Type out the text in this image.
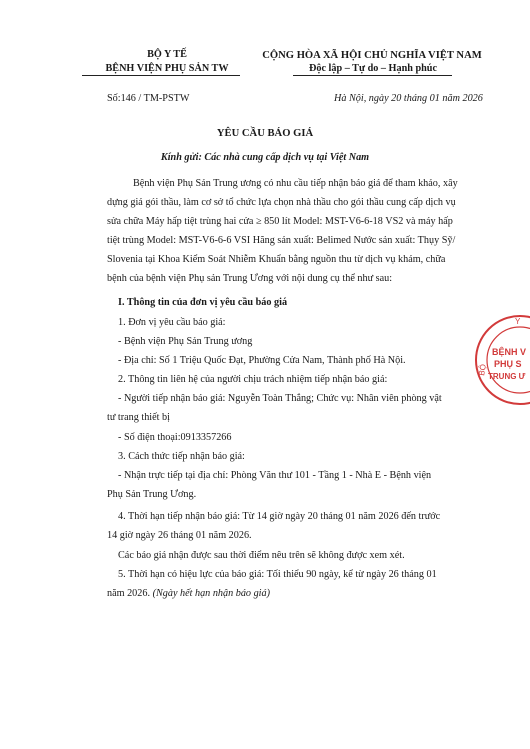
BỘ Y TẾ
BỆNH VIỆN PHỤ SẢN TW
CỘNG HÒA XÃ HỘI CHỦ NGHĨA VIỆT NAM
Độc lập – Tự do – Hạnh phúc
Số:146 / TM-PSTW	Hà Nội, ngày 20 tháng 01 năm 2026
YÊU CẦU BÁO GIÁ
Kính gửi: Các nhà cung cấp dịch vụ tại Việt Nam
Bệnh viện Phụ Sản Trung ương có nhu cầu tiếp nhận báo giá để tham khảo, xây
dựng giá gói thầu, làm cơ sở tổ chức lựa chọn nhà thầu cho gói thầu cung cấp dịch vụ
sửa chữa Máy hấp tiệt trùng hai cửa ≥ 850 lít Model: MST-V6-6-18 VS2 và máy hấp
tiệt trùng Model: MST-V6-6-6 VSI Hãng sản xuất: Belimed Nước sản xuất: Thụy Sỹ/
Slovenia tại Khoa Kiểm Soát Nhiễm Khuẩn bằng nguồn thu từ dịch vụ khám, chữa
bệnh của bệnh viện Phụ sản Trung Ương với nội dung cụ thể như sau:
I. Thông tin của đơn vị yêu cầu báo giá
1. Đơn vị yêu cầu báo giá:
- Bệnh viện Phụ Sản Trung ương
- Địa chỉ: Số 1 Triệu Quốc Đạt, Phường Cửa Nam, Thành phố Hà Nội.
2. Thông tin liên hệ của người chịu trách nhiệm tiếp nhận báo giá:
- Người tiếp nhận báo giá: Nguyễn Toàn Thắng; Chức vụ: Nhân viên phòng vật
tư trang thiết bị
- Số điện thoại:0913357266
3. Cách thức tiếp nhận báo giá:
- Nhận trực tiếp tại địa chỉ: Phòng Văn thư 101 - Tầng 1 - Nhà E - Bệnh viện
Phụ Sản Trung Ương.
4. Thời hạn tiếp nhận báo giá: Từ 14 giờ ngày 20 tháng 01 năm 2026 đến trước
14 giờ ngày 26 tháng 01 năm 2026.
Các báo giá nhận được sau thời điểm nêu trên sẽ không được xem xét.
5. Thời hạn có hiệu lực của báo giá: Tối thiểu 90 ngày, kể từ ngày 26 tháng 01
năm 2026. (Ngày hết hạn nhận báo giá)
BỆNH V
PHỤ S
TRUNG Ư
BỘ
Y
